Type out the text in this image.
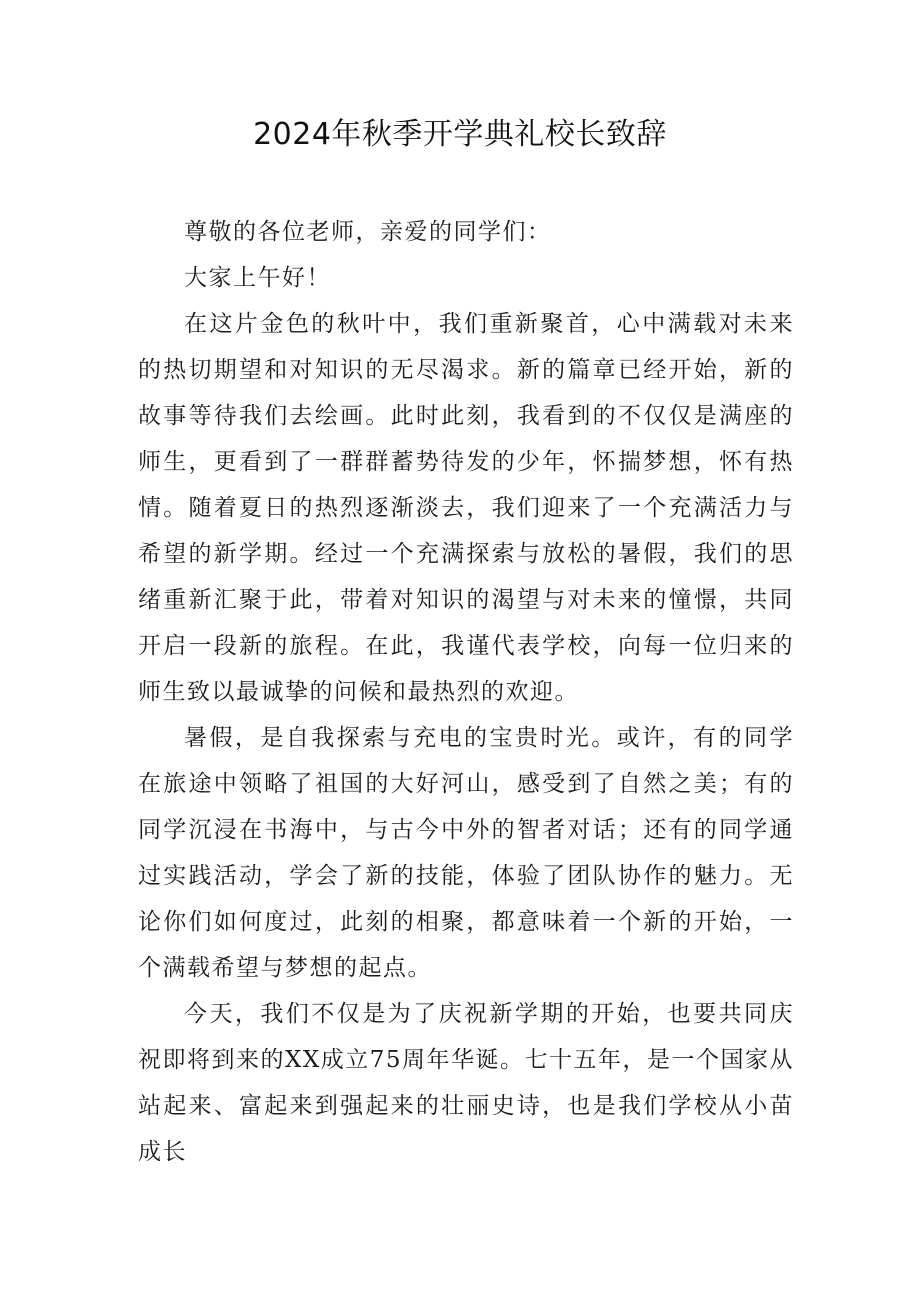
2024年秋季开学典礼校长致辞

尊敬的各位老师，亲爱的同学们：

大家上午好！

在这片金色的秋叶中，我们重新聚首，心中满载对未来的热切期望和对知识的无尽渴求。新的篇章已经开始，新的故事等待我们去绘画。此时此刻，我看到的不仅仅是满座的师生，更看到了一群群蓄势待发的少年，怀揣梦想，怀有热情。随着夏日的热烈逐渐淡去，我们迎来了一个充满活力与希望的新学期。经过一个充满探索与放松的暑假，我们的思绪重新汇聚于此，带着对知识的渴望与对未来的憧憬，共同开启一段新的旅程。在此，我谨代表学校，向每一位归来的师生致以最诚挚的问候和最热烈的欢迎。

暑假，是自我探索与充电的宝贵时光。或许，有的同学在旅途中领略了祖国的大好河山，感受到了自然之美；有的同学沉浸在书海中，与古今中外的智者对话；还有的同学通过实践活动，学会了新的技能，体验了团队协作的魅力。无论你们如何度过，此刻的相聚，都意味着一个新的开始，一个满载希望与梦想的起点。

今天，我们不仅是为了庆祝新学期的开始，也要共同庆祝即将到来的XX成立75周年华诞。七十五年，是一个国家从站起来、富起来到强起来的壮丽史诗，也是我们学校从小苗成长
